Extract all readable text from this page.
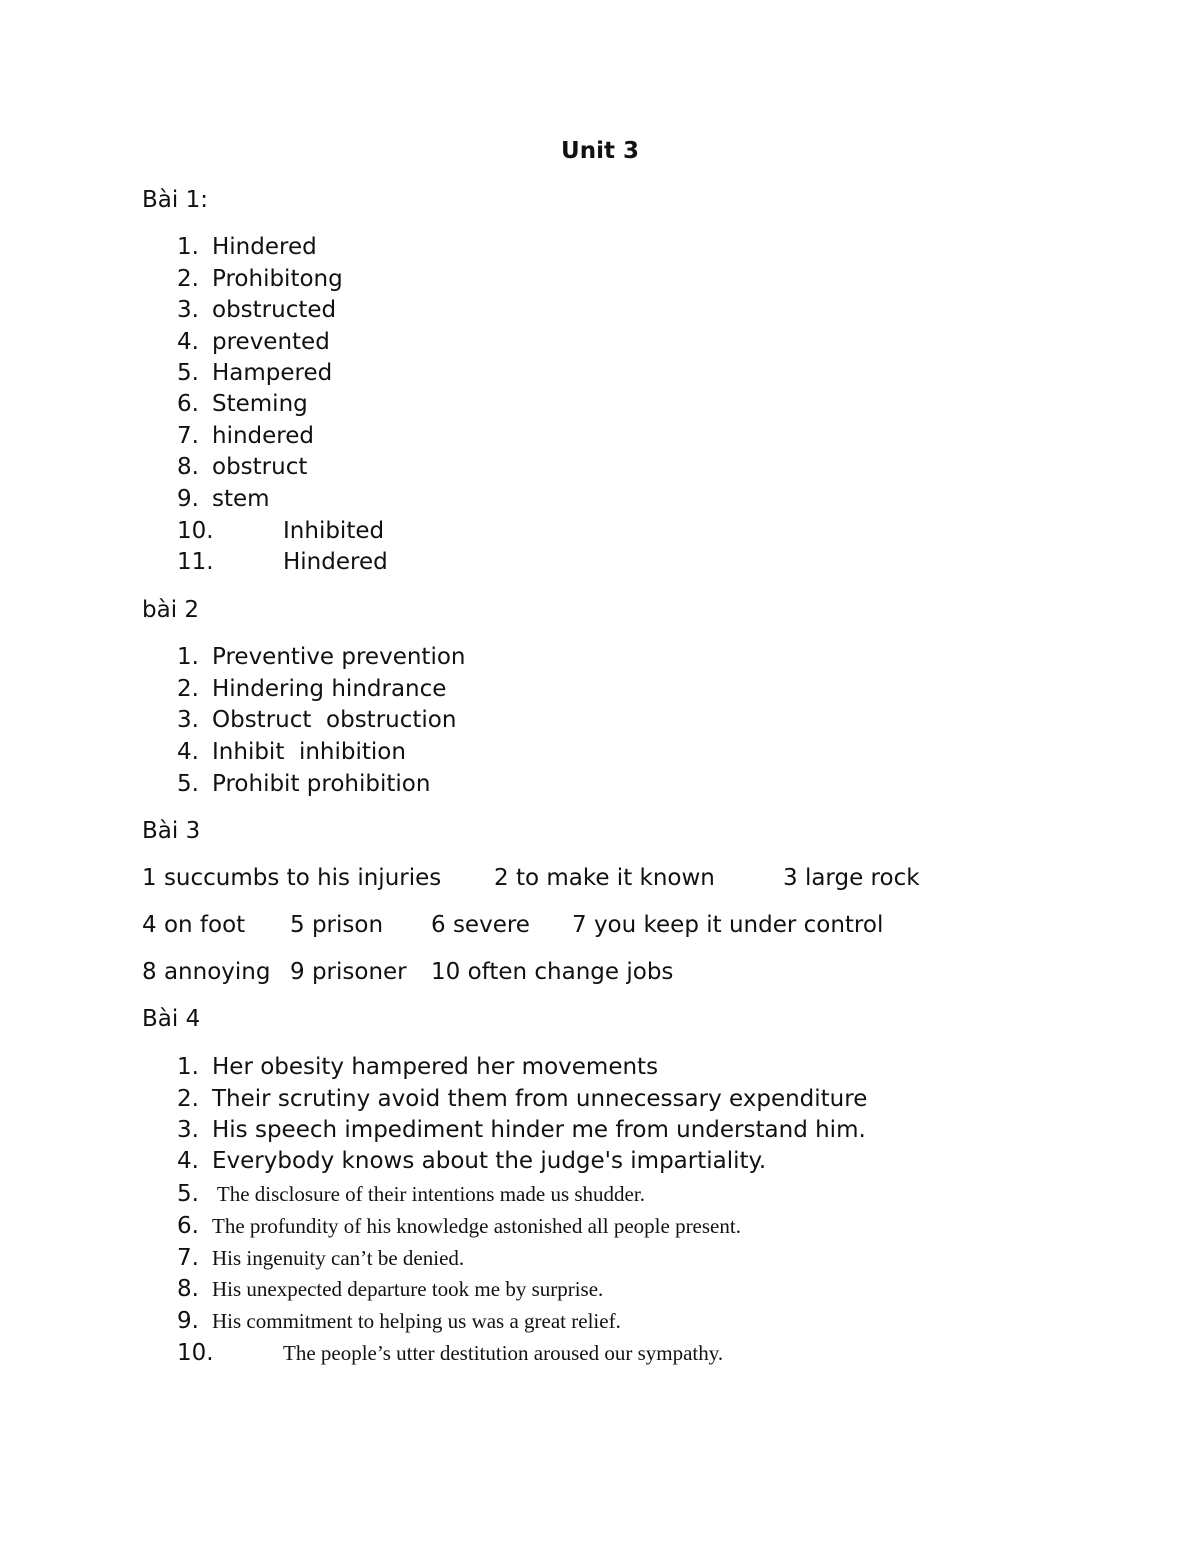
Unit 3
Bài 1:
1. Hindered
2. Prohibitong
3. obstructed
4. prevented
5. Hampered
6. Steming
7. hindered
8. obstruct
9. stem
10.	Inhibited
11.	Hindered
bài 2
1. Preventive prevention
2. Hindering hindrance
3. Obstruct  obstruction
4. Inhibit  inhibition
5. Prohibit prohibition
Bài 3
1 succumbs to his injuries 2 to make it known	3 large rock
4 on foot 5 prison 6 severe 7 you keep it under control
8 annoying 9 prisoner 10 often change jobs
Bài 4
1. Her obesity hampered her movements
2. Their scrutiny avoid them from unnecessary expenditure
3. His speech impediment hinder me from understand him.
4. Everybody knows about the judge's impartiality.
5. The disclosure of their intentions made us shudder.
6. The profundity of his knowledge astonished all people present.
7. His ingenuity can’t be denied.
8. His unexpected departure took me by surprise.
9. His commitment to helping us was a great relief.
10.	The people’s utter destitution aroused our sympathy.
